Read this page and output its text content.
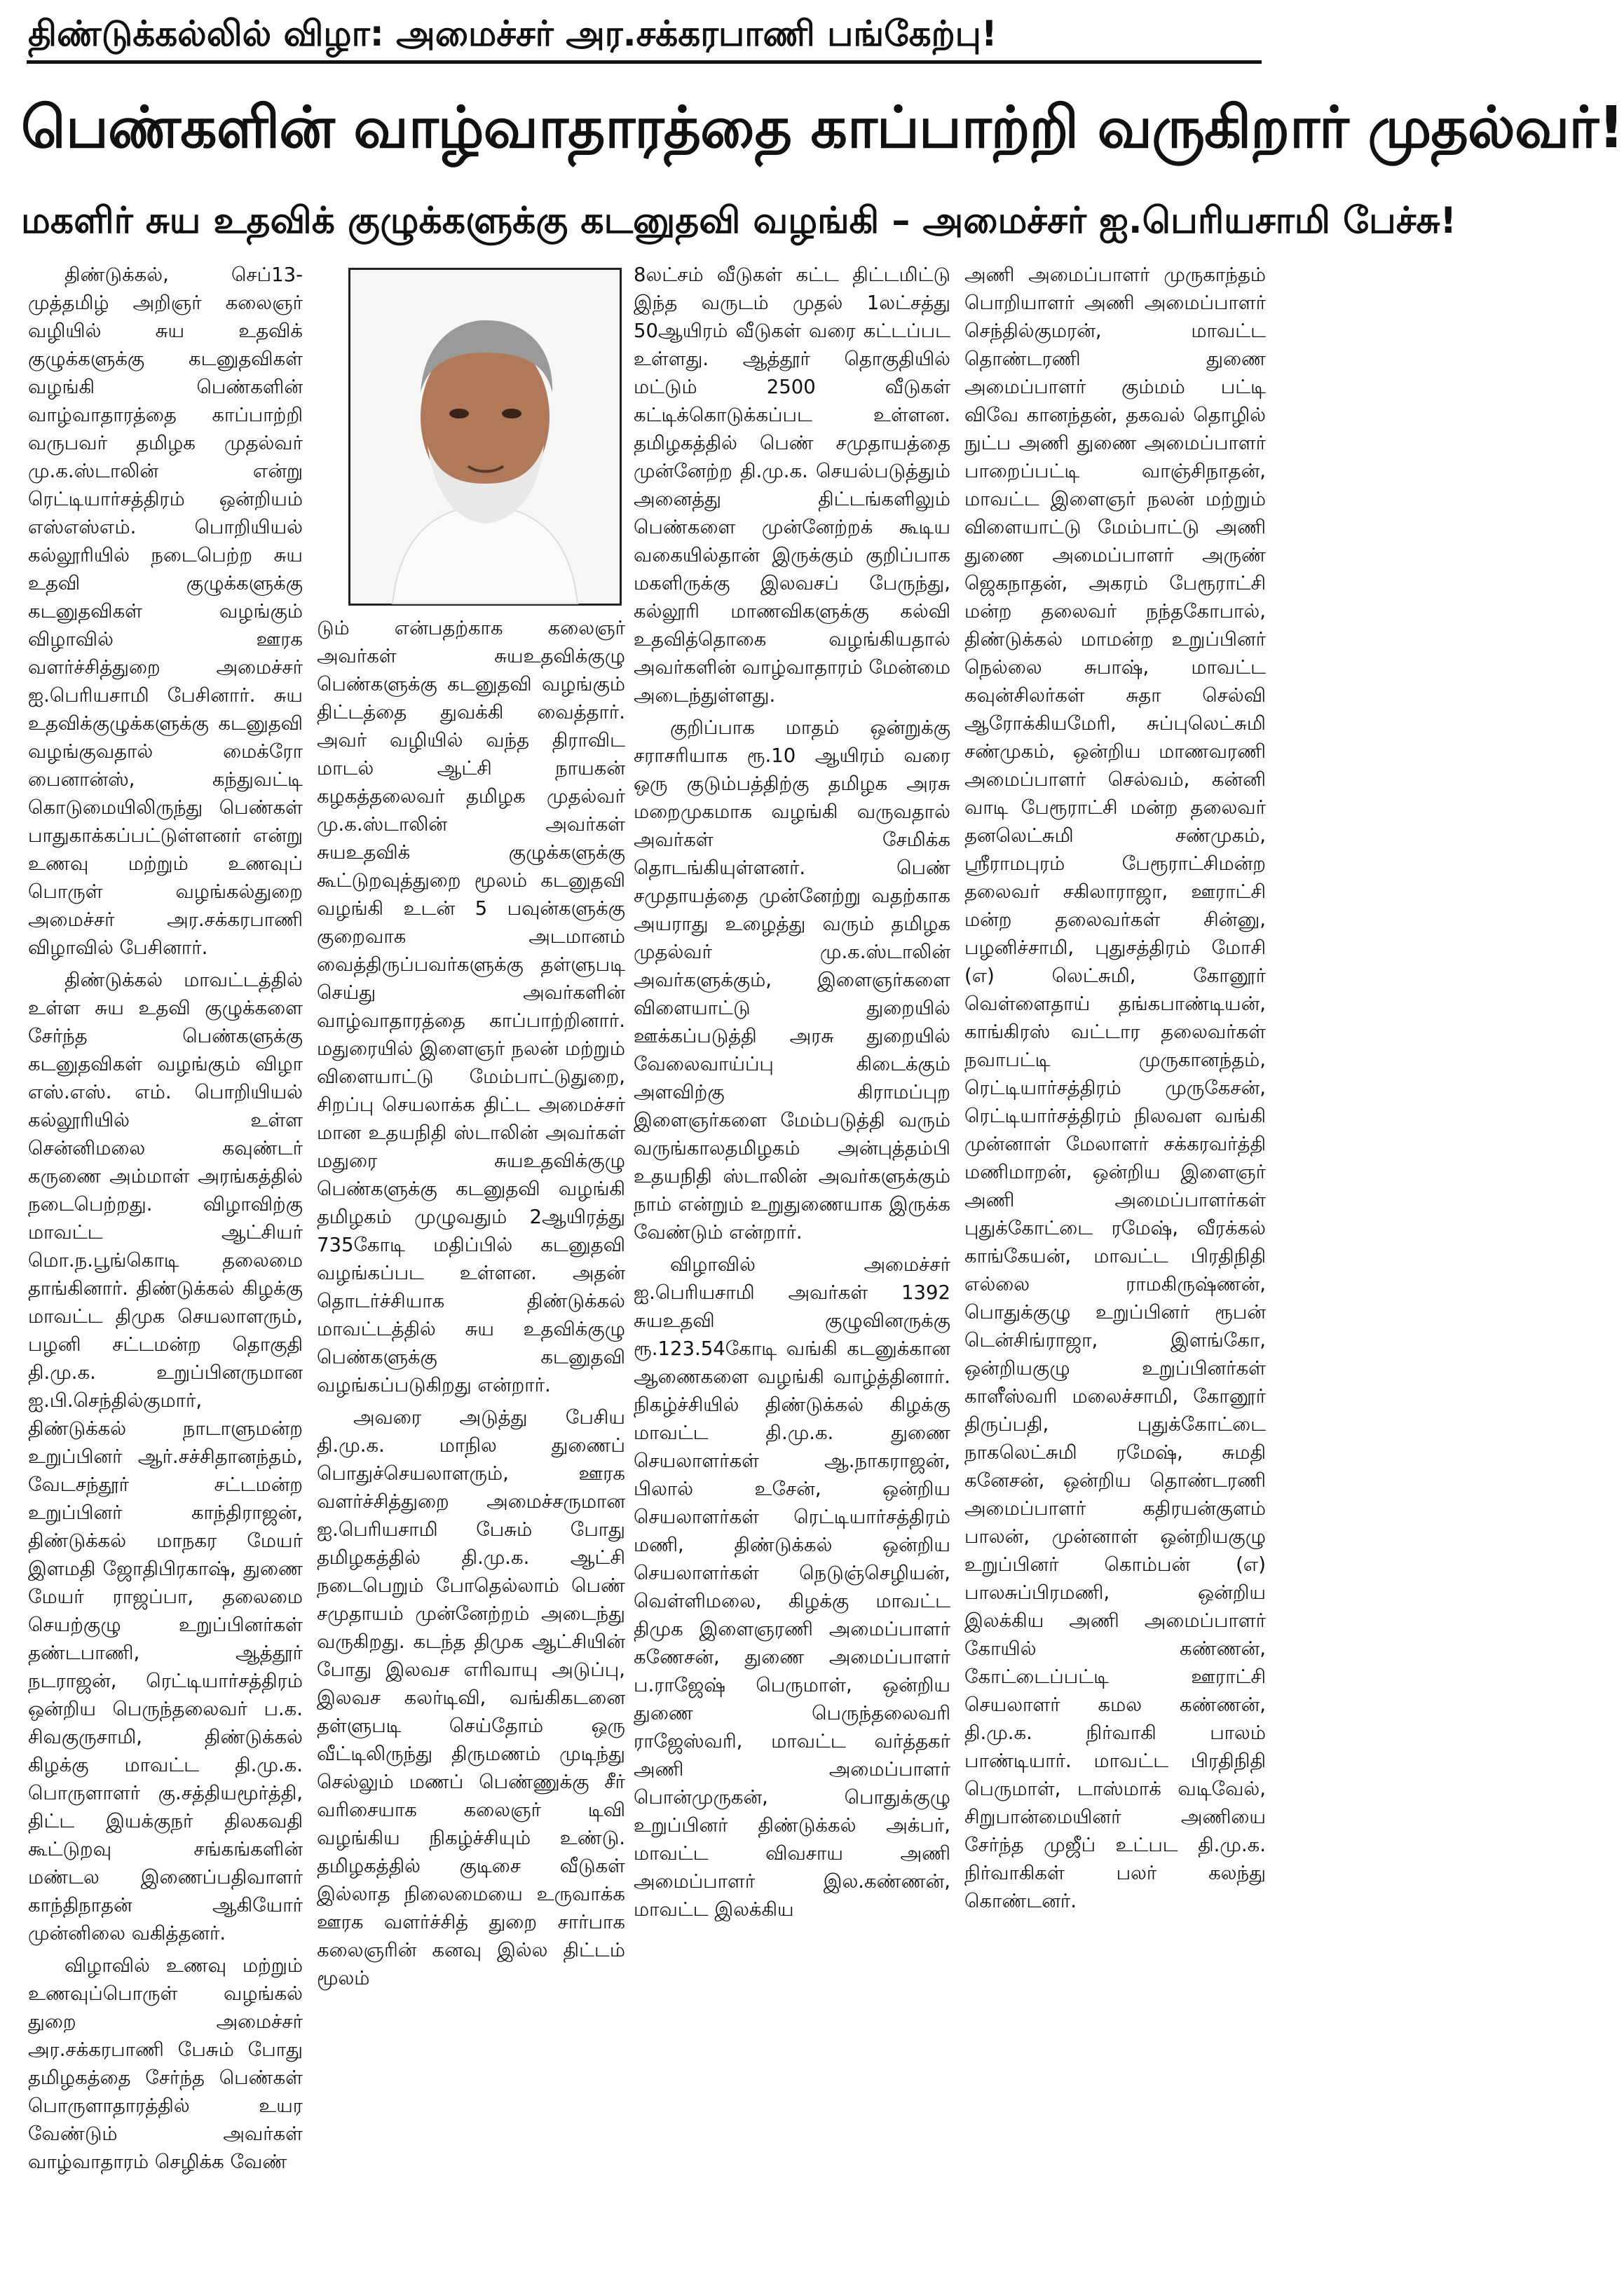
திண்டுக்கல்லில் விழா: அமைச்சர் அர.சக்கரபாணி பங்கேற்பு!
பெண்களின் வாழ்வாதாரத்தை காப்பாற்றி வருகிறார் முதல்வர்!
மகளிர் சுய உதவிக் குழுக்களுக்கு கடனுதவி வழங்கி – அமைச்சர் ஐ.பெரியசாமி பேச்சு!

திண்டுக்கல், செப்13- முத்தமிழ் அறிஞர் கலைஞர் வழியில் சுய உதவிக் குழுக்களுக்கு கடனுதவிகள் வழங்கி பெண்களின் வாழ்வாதாரத்தை காப்பாற்றி வருபவர் தமிழக முதல்வர் மு.க.ஸ்டாலின் என்று ரெட்டியார்சத்திரம் ஒன்றியம் எஸ்எஸ்எம். பொறியியல் கல்லூரியில் நடைபெற்ற சுய உதவி குழுக்களுக்கு கடனுதவிகள் வழங்கும் விழாவில் ஊரக வளர்ச்சித்துறை அமைச்சர் ஐ.பெரியசாமி பேசினார். சுய உதவிக்குழுக்களுக்கு கடனுதவி வழங்குவதால் மைக்ரோ பைனான்ஸ், கந்துவட்டி கொடுமையிலிருந்து பெண்கள் பாதுகாக்கப்பட்டுள்ளனர் என்று உணவு மற்றும் உணவுப் பொருள் வழங்கல்துறை அமைச்சர் அர.சக்கரபாணி விழாவில் பேசினார்.

திண்டுக்கல் மாவட்டத்தில் உள்ள சுய உதவி குழுக்களை சேர்ந்த பெண்களுக்கு கடனுதவிகள் வழங்கும் விழா எஸ்.எஸ். எம். பொறியியல் கல்லூரியில் உள்ள சென்னிமலை கவுண்டர் கருணை அம்மாள் அரங்கத்தில் நடைபெற்றது. விழாவிற்கு மாவட்ட ஆட்சியர் மொ.ந.பூங்கொடி தலைமை தாங்கினார். திண்டுக்கல் கிழக்கு மாவட்ட திமுக செயலாளரும், பழனி சட்டமன்ற தொகுதி தி.மு.க. உறுப்பினருமான ஐ.பி.செந்தில்குமார், திண்டுக்கல் நாடாளுமன்ற உறுப்பினர் ஆர்.சச்சிதானந்தம், வேடசந்தூர் சட்டமன்ற உறுப்பினர் காந்திராஜன், திண்டுக்கல் மாநகர மேயர் இளமதி ஜோதிபிரகாஷ், துணை மேயர் ராஜப்பா, தலைமை செயற்குழு உறுப்பினர்கள் தண்டபாணி, ஆத்தூர் நடராஜன், ரெட்டியார்சத்திரம் ஒன்றிய பெருந்தலைவர் ப.க. சிவகுருசாமி, திண்டுக்கல் கிழக்கு மாவட்ட தி.மு.க. பொருளாளர் கு.சத்தியமூர்த்தி, திட்ட இயக்குநர் திலகவதி கூட்டுறவு சங்கங்களின் மண்டல இணைப்பதிவாளர் காந்திநாதன் ஆகியோர் முன்னிலை வகித்தனர்.

விழாவில் உணவு மற்றும் உணவுப்பொருள் வழங்கல் துறை அமைச்சர் அர.சக்கரபாணி பேசும் போது தமிழகத்தை சேர்ந்த பெண்கள் பொருளாதாரத்தில் உயர வேண்டும் அவர்கள் வாழ்வாதாரம் செழிக்க வேண்

டும் என்பதற்காக கலைஞர் அவர்கள் சுயஉதவிக்குழு பெண்களுக்கு கடனுதவி வழங்கும் திட்டத்தை துவக்கி வைத்தார். அவர் வழியில் வந்த திராவிட மாடல் ஆட்சி நாயகன் கழகத்தலைவர் தமிழக முதல்வர் மு.க.ஸ்டாலின் அவர்கள் சுயஉதவிக் குழுக்களுக்கு கூட்டுறவுத்துறை மூலம் கடனுதவி வழங்கி உடன் 5 பவுன்களுக்கு குறைவாக அடமானம் வைத்திருப்பவர்களுக்கு தள்ளுபடி செய்து அவர்களின் வாழ்வாதாரத்தை காப்பாற்றினார். மதுரையில் இளைஞர் நலன் மற்றும் விளையாட்டு மேம்பாட்டுதுறை, சிறப்பு செயலாக்க திட்ட அமைச்சர் மான உதயநிதி ஸ்டாலின் அவர்கள் மதுரை சுயஉதவிக்குழு பெண்களுக்கு கடனுதவி வழங்கி தமிழகம் முழுவதும் 2ஆயிரத்து 735கோடி மதிப்பில் கடனுதவி வழங்கப்பட உள்ளன. அதன் தொடர்ச்சியாக திண்டுக்கல் மாவட்டத்தில் சுய உதவிக்குழு பெண்களுக்கு கடனுதவி வழங்கப்படுகிறது என்றார்.

அவரை அடுத்து பேசிய தி.மு.க. மாநில துணைப் பொதுச்செயலாளரும், ஊரக வளர்ச்சித்துறை அமைச்சருமான ஐ.பெரியசாமி பேசும் போது தமிழகத்தில் தி.மு.க. ஆட்சி நடைபெறும் போதெல்லாம் பெண் சமுதாயம் முன்னேற்றம் அடைந்து வருகிறது. கடந்த திமுக ஆட்சியின் போது இலவச எரிவாயு அடுப்பு, இலவச கலர்டிவி, வங்கிகடனை தள்ளுபடி செய்தோம் ஒரு வீட்டிலிருந்து திருமணம் முடிந்து செல்லும் மணப் பெண்ணுக்கு சீர் வரிசையாக கலைஞர் டிவி வழங்கிய நிகழ்ச்சியும் உண்டு. தமிழகத்தில் குடிசை வீடுகள் இல்லாத நிலைமையை உருவாக்க ஊரக வளர்ச்சித் துறை சார்பாக கலைஞரின் கனவு இல்ல திட்டம் மூலம்

8லட்சம் வீடுகள் கட்ட திட்டமிட்டு இந்த வருடம் முதல் 1லட்சத்து 50ஆயிரம் வீடுகள் வரை கட்டப்பட உள்ளது. ஆத்தூர் தொகுதியில் மட்டும் 2500 வீடுகள் கட்டிக்கொடுக்கப்பட உள்ளன. தமிழகத்தில் பெண் சமுதாயத்தை முன்னேற்ற தி.மு.க. செயல்படுத்தும் அனைத்து திட்டங்களிலும் பெண்களை முன்னேற்றக் கூடிய வகையில்தான் இருக்கும் குறிப்பாக மகளிருக்கு இலவசப் பேருந்து, கல்லூரி மாணவிகளுக்கு கல்வி உதவித்தொகை வழங்கியதால் அவர்களின் வாழ்வாதாரம் மேன்மை அடைந்துள்ளது.

குறிப்பாக மாதம் ஒன்றுக்கு சராசரியாக ரூ.10 ஆயிரம் வரை ஒரு குடும்பத்திற்கு தமிழக அரசு மறைமுகமாக வழங்கி வருவதால் அவர்கள் சேமிக்க தொடங்கியுள்ளனர். பெண் சமுதாயத்தை முன்னேற்று வதற்காக அயராது உழைத்து வரும் தமிழக முதல்வர் மு.க.ஸ்டாலின் அவர்களுக்கும், இளைஞர்களை விளையாட்டு துறையில் ஊக்கப்படுத்தி அரசு துறையில் வேலைவாய்ப்பு கிடைக்கும் அளவிற்கு கிராமப்புற இளைஞர்களை மேம்படுத்தி வரும் வருங்காலதமிழகம் அன்புத்தம்பி உதயநிதி ஸ்டாலின் அவர்களுக்கும் நாம் என்றும் உறுதுணையாக இருக்க வேண்டும் என்றார்.

விழாவில் அமைச்சர் ஐ.பெரியசாமி அவர்கள் 1392 சுயஉதவி குழுவினருக்கு ரூ.123.54கோடி வங்கி கடனுக்கான ஆணைகளை வழங்கி வாழ்த்தினார். நிகழ்ச்சியில் திண்டுக்கல் கிழக்கு மாவட்ட தி.மு.க. துணை செயலாளர்கள் ஆ.நாகராஜன், பிலால் உசேன், ஒன்றிய செயலாளர்கள் ரெட்டியார்சத்திரம் மணி, திண்டுக்கல் ஒன்றிய செயலாளர்கள் நெடுஞ்செழியன், வெள்ளிமலை, கிழக்கு மாவட்ட திமுக இளைஞரணி அமைப்பாளர் கணேசன், துணை அமைப்பாளர் ப.ராஜேஷ் பெருமாள், ஒன்றிய துணை பெருந்தலைவரி ராஜேஸ்வரி, மாவட்ட வர்த்தகர் அணி அமைப்பாளர் பொன்முருகன், பொதுக்குழு உறுப்பினர் திண்டுக்கல் அக்பர், மாவட்ட விவசாய அணி அமைப்பாளர் இல.கண்ணன், மாவட்ட இலக்கிய

அணி அமைப்பாளர் முருகாந்தம் பொறியாளர் அணி அமைப்பாளர் செந்தில்குமரன், மாவட்ட தொண்டரணி துணை அமைப்பாளர் கும்மம் பட்டி விவே கானந்தன், தகவல் தொழில் நுட்ப அணி துணை அமைப்பாளர் பாறைப்பட்டி வாஞ்சிநாதன், மாவட்ட இளைஞர் நலன் மற்றும் விளையாட்டு மேம்பாட்டு அணி துணை அமைப்பாளர் அருண் ஜெகநாதன், அகரம் பேரூராட்சி மன்ற தலைவர் நந்தகோபால், திண்டுக்கல் மாமன்ற உறுப்பினர் நெல்லை சுபாஷ், மாவட்ட கவுன்சிலர்கள் சுதா செல்வி ஆரோக்கியமேரி, சுப்புலெட்சுமி சண்முகம், ஒன்றிய மாணவரணி அமைப்பாளர் செல்வம், கன்னி வாடி பேரூராட்சி மன்ற தலைவர் தனலெட்சுமி சண்முகம், ஸ்ரீராமபுரம் பேரூராட்சிமன்ற தலைவர் சகிலாராஜா, ஊராட்சி மன்ற தலைவர்கள் சின்னு, பழனிச்சாமி, புதுசத்திரம் மோசி (எ) லெட்சுமி, கோனூர் வெள்ளைதாய் தங்கபாண்டியன், காங்கிரஸ் வட்டார தலைவர்கள் நவாபட்டி முருகானந்தம், ரெட்டியார்சத்திரம் முருகேசன், ரெட்டியார்சத்திரம் நிலவள வங்கி முன்னாள் மேலாளர் சக்கரவர்த்தி மணிமாறன், ஒன்றிய இளைஞர் அணி அமைப்பாளர்கள் புதுக்கோட்டை ரமேஷ், வீரக்கல் காங்கேயன், மாவட்ட பிரதிநிதி எல்லை ராமகிருஷ்ணன், பொதுக்குழு உறுப்பினர் ரூபன் டென்சிங்ராஜா, இளங்கோ, ஒன்றியகுழு உறுப்பினர்கள் காளீஸ்வரி மலைச்சாமி, கோனூர் திருப்பதி, புதுக்கோட்டை நாகலெட்சுமி ரமேஷ், சுமதி கனேசன், ஒன்றிய தொண்டரணி அமைப்பாளர் கதிரயன்குளம் பாலன், முன்னாள் ஒன்றியகுழு உறுப்பினர் கொம்பன் (எ) பாலசுப்பிரமணி, ஒன்றிய இலக்கிய அணி அமைப்பாளர் கோயில் கண்ணன், கோட்டைப்பட்டி ஊராட்சி செயலாளர் கமல கண்ணன், தி.மு.க. நிர்வாகி பாலம் பாண்டியார். மாவட்ட பிரதிநிதி பெருமாள், டாஸ்மாக் வடிவேல், சிறுபான்மையினர் அணியை சேர்ந்த முஜீப் உட்பட தி.மு.க. நிர்வாகிகள் பலர் கலந்து கொண்டனர்.
